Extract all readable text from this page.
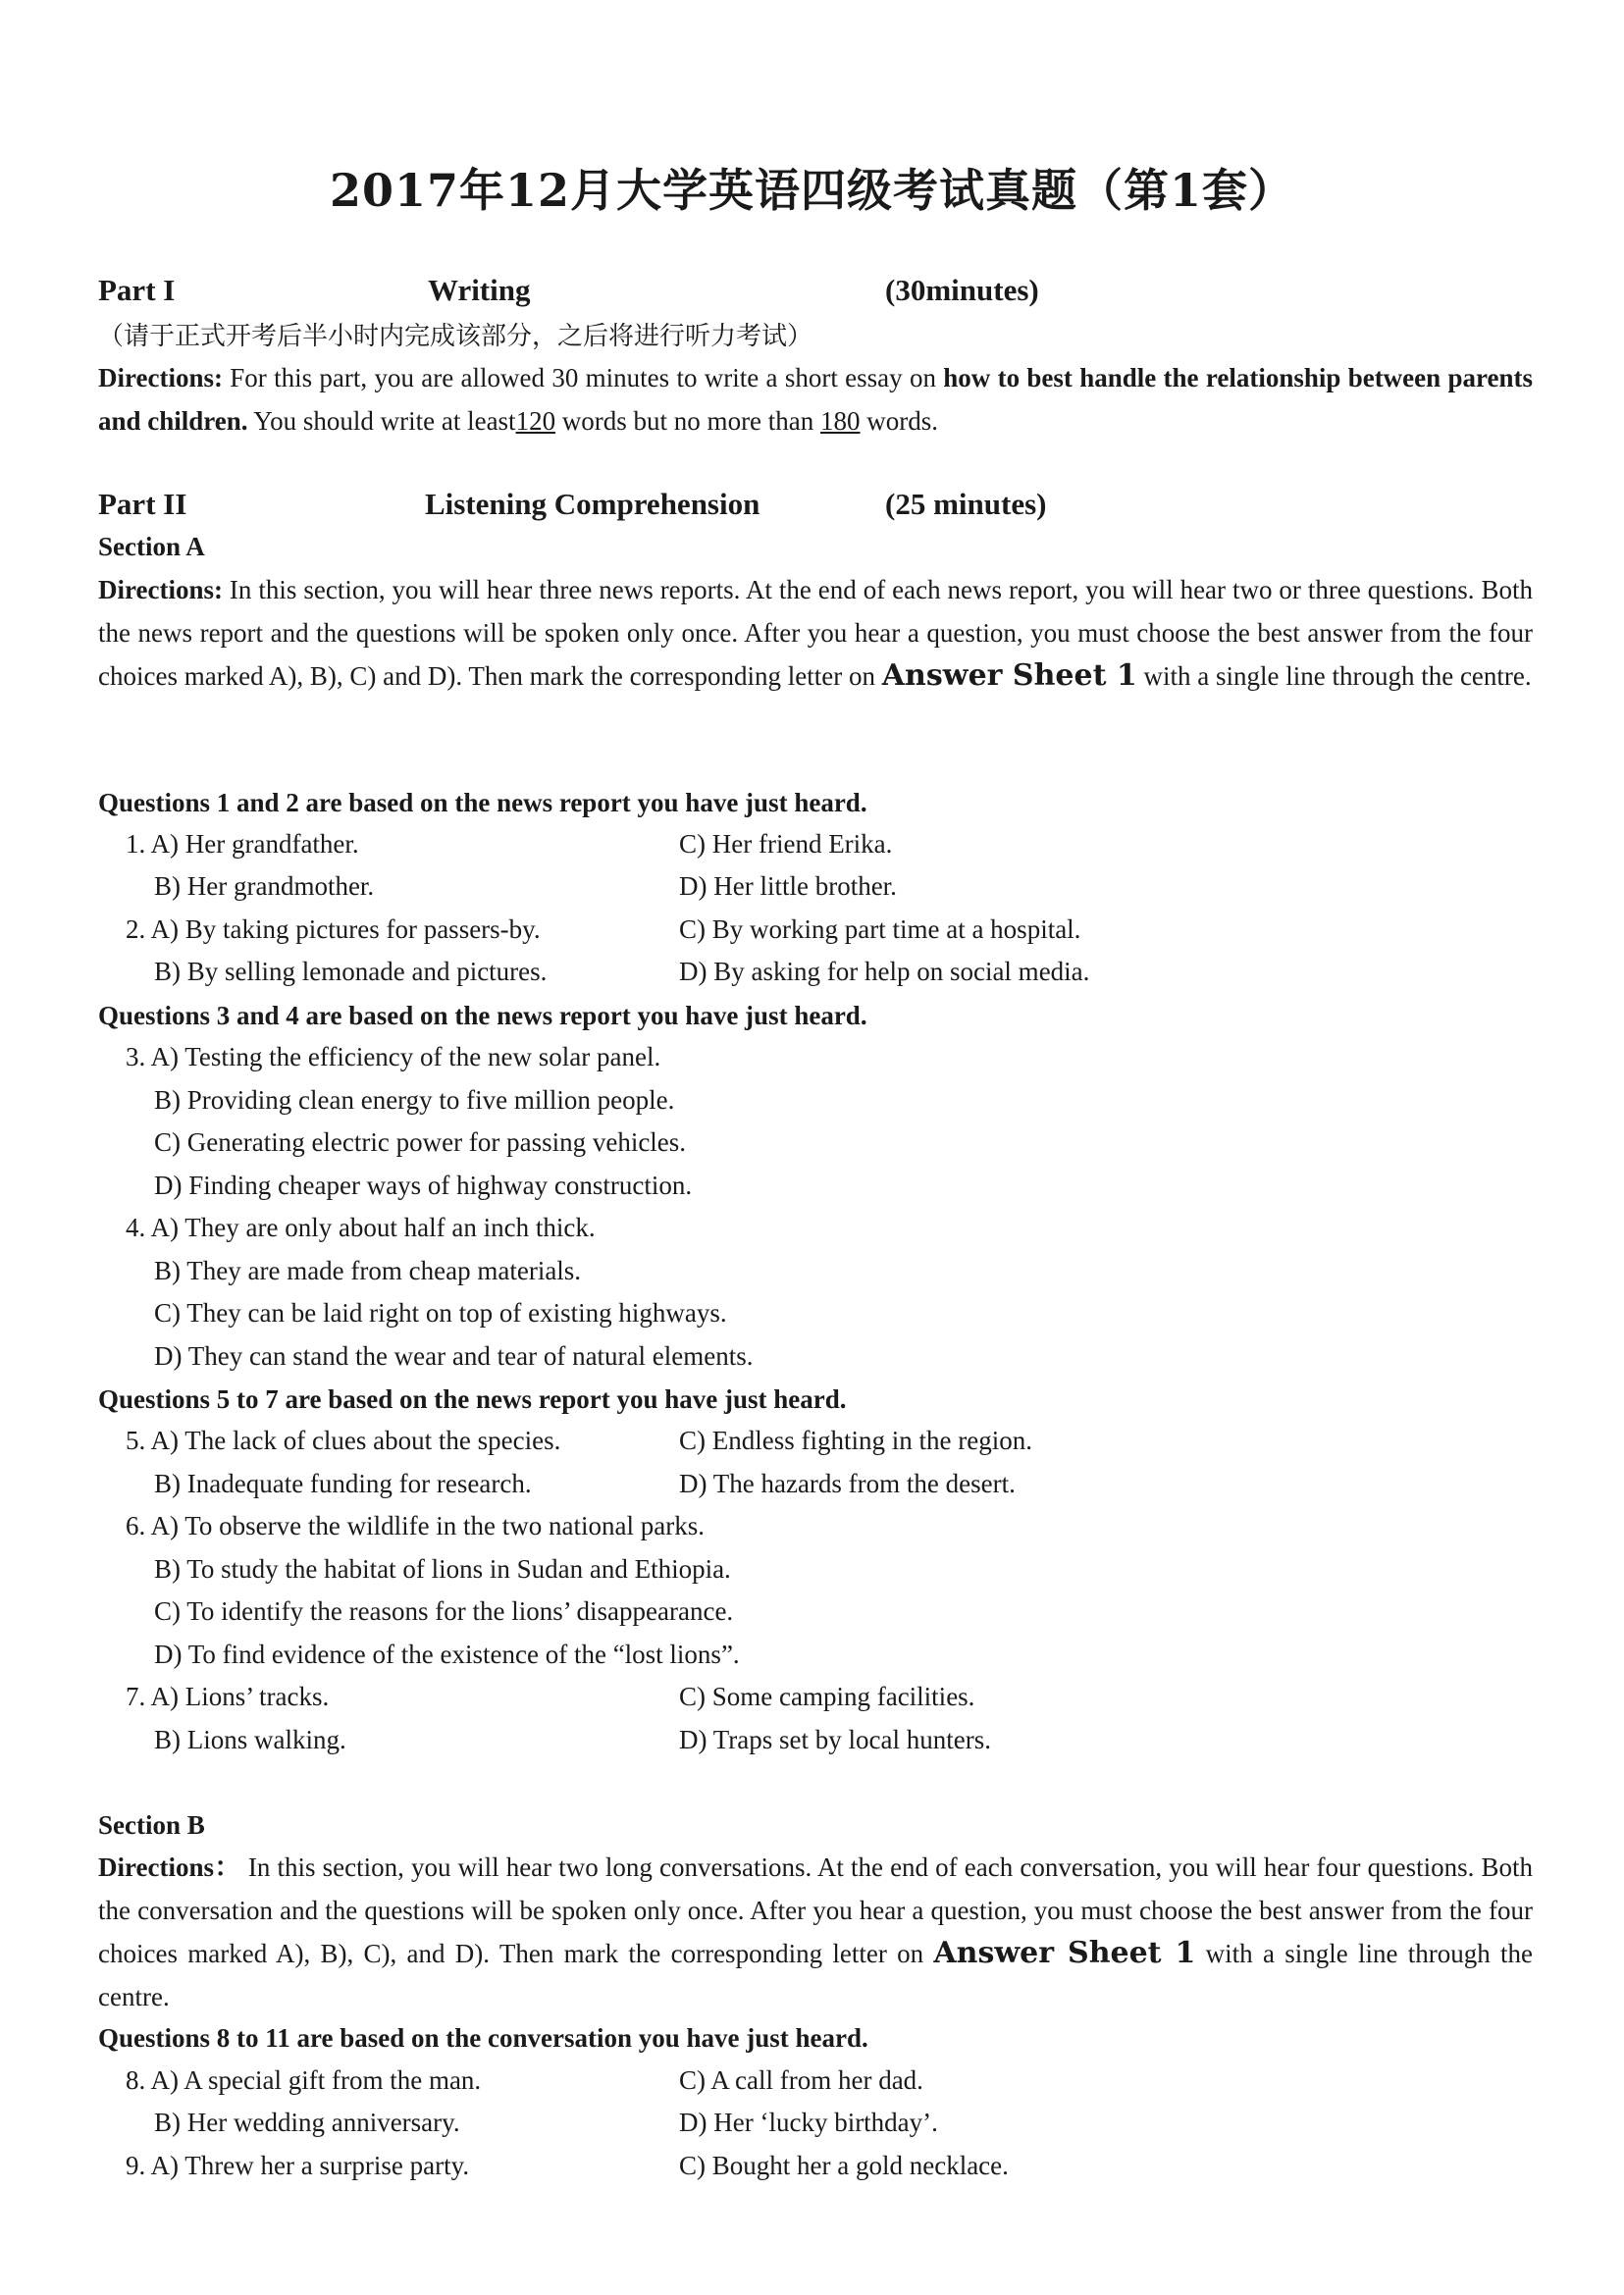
2017年12月大学英语四级考试真题（第1套）
Part I	Writing	(30minutes)
（请于正式开考后半小时内完成该部分，之后将进行听力考试）
Directions: For this part, you are allowed 30 minutes to write a short essay on how to best handle the relationship between parents and children. You should write at least120 words but no more than 180 words.
Part II	Listening Comprehension	(25 minutes)
Section A
Directions: In this section, you will hear three news reports. At the end of each news report, you will hear two or three questions. Both the news report and the questions will be spoken only once. After you hear a question, you must choose the best answer from the four choices marked A), B), C) and D). Then mark the corresponding letter on Answer Sheet 1 with a single line through the centre.
Questions 1 and 2 are based on the news report you have just heard.
1. A) Her grandfather.	C) Her friend Erika.
B) Her grandmother.	D) Her little brother.
2. A) By taking pictures for passers-by.	C) By working part time at a hospital.
B) By selling lemonade and pictures.	D) By asking for help on social media.
Questions 3 and 4 are based on the news report you have just heard.
3. A) Testing the efficiency of the new solar panel.
B) Providing clean energy to five million people.
C) Generating electric power for passing vehicles.
D) Finding cheaper ways of highway construction.
4. A) They are only about half an inch thick.
B) They are made from cheap materials.
C) They can be laid right on top of existing highways.
D) They can stand the wear and tear of natural elements.
Questions 5 to 7 are based on the news report you have just heard.
5. A) The lack of clues about the species.	C) Endless fighting in the region.
B) Inadequate funding for research.	D) The hazards from the desert.
6. A) To observe the wildlife in the two national parks.
B) To study the habitat of lions in Sudan and Ethiopia.
C) To identify the reasons for the lions’ disappearance.
D) To find evidence of the existence of the “lost lions”.
7. A) Lions’ tracks.	C) Some camping facilities.
B) Lions walking.	D) Traps set by local hunters.
Section B
Directions： In this section, you will hear two long conversations. At the end of each conversation, you will hear four questions. Both the conversation and the questions will be spoken only once. After you hear a question, you must choose the best answer from the four choices marked A), B), C), and D). Then mark the corresponding letter on Answer Sheet 1 with a single line through the centre.
Questions 8 to 11 are based on the conversation you have just heard.
8. A) A special gift from the man.	C) A call from her dad.
B) Her wedding anniversary.	D) Her ‘lucky birthday’.
9. A) Threw her a surprise party.	C) Bought her a gold necklace.
